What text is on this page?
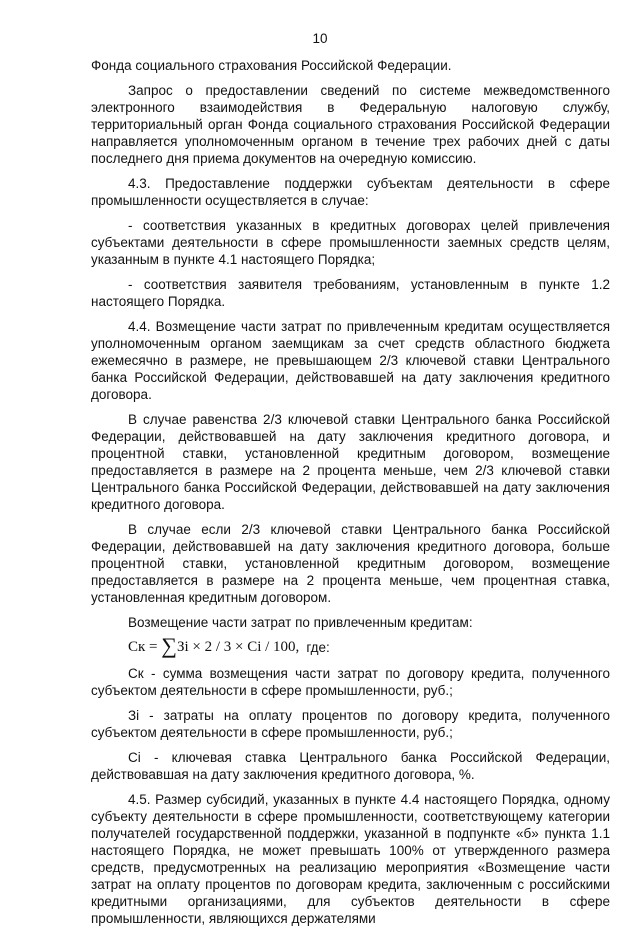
10

Фонда социального страхования Российской Федерации.

Запрос о предоставлении сведений по системе межведомственного электронного взаимодействия в Федеральную налоговую службу, территориальный орган Фонда социального страхования Российской Федерации направляется уполномоченным органом в течение трех рабочих дней с даты последнего дня приема документов на очередную комиссию.

4.3. Предоставление поддержки субъектам деятельности в сфере промышленности осуществляется в случае:

- соответствия указанных в кредитных договорах целей привлечения субъектами деятельности в сфере промышленности заемных средств целям, указанным в пункте 4.1 настоящего Порядка;

- соответствия заявителя требованиям, установленным в пункте 1.2 настоящего Порядка.

4.4. Возмещение части затрат по привлеченным кредитам осуществляется уполномоченным органом заемщикам за счет средств областного бюджета ежемесячно в размере, не превышающем 2/3 ключевой ставки Центрального банка Российской Федерации, действовавшей на дату заключения кредитного договора.

В случае равенства 2/3 ключевой ставки Центрального банка Российской Федерации, действовавшей на дату заключения кредитного договора, и процентной ставки, установленной кредитным договором, возмещение предоставляется в размере на 2 процента меньше, чем 2/3 ключевой ставки Центрального банка Российской Федерации, действовавшей на дату заключения кредитного договора.

В случае если 2/3 ключевой ставки Центрального банка Российской Федерации, действовавшей на дату заключения кредитного договора, больше процентной ставки, установленной кредитным договором, возмещение предоставляется в размере на 2 процента меньше, чем процентная ставка, установленная кредитным договором.

Возмещение части затрат по привлеченным кредитам:

Ск = ∑Зi × 2 / 3 × Ci / 100, где:

Ск - сумма возмещения части затрат по договору кредита, полученного субъектом деятельности в сфере промышленности, руб.;

Зi - затраты на оплату процентов по договору кредита, полученного субъектом деятельности в сфере промышленности, руб.;

Ci - ключевая ставка Центрального банка Российской Федерации, действовавшая на дату заключения кредитного договора, %.

4.5. Размер субсидий, указанных в пункте 4.4 настоящего Порядка, одному субъекту деятельности в сфере промышленности, соответствующему категории получателей государственной поддержки, указанной в подпункте «б» пункта 1.1 настоящего Порядка, не может превышать 100% от утвержденного размера средств, предусмотренных на реализацию мероприятия «Возмещение части затрат на оплату процентов по договорам кредита, заключенным с российскими кредитными организациями, для субъектов деятельности в сфере промышленности, являющихся держателями
